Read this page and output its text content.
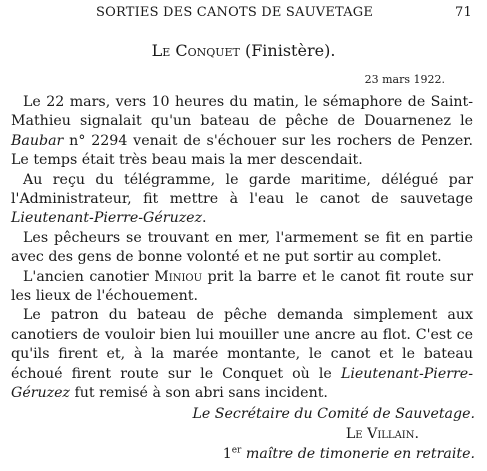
SORTIES DES CANOTS DE SAUVETAGE	71
Le Conquet (Finistère).
23 mars 1922.

Le 22 mars, vers 10 heures du matin, le sémaphore de Saint-Mathieu signalait qu'un bateau de pêche de Douarnenez le Baubar n° 2294 venait de s'échouer sur les rochers de Penzer. Le temps était très beau mais la mer descendait.

Au reçu du télégramme, le garde maritime, délégué par l'Administrateur, fit mettre à l'eau le canot de sauvetage Lieutenant-Pierre-Géruzez.

Les pêcheurs se trouvant en mer, l'armement se fit en partie avec des gens de bonne volonté et ne put sortir au complet.

L'ancien canotier Miniou prit la barre et le canot fit route sur les lieux de l'échouement.

Le patron du bateau de pêche demanda simplement aux canotiers de vouloir bien lui mouiller une ancre au flot. C'est ce qu'ils firent et, à la marée montante, le canot et le bateau échoué firent route sur le Conquet où le Lieutenant-Pierre-Géruzez fut remisé à son abri sans incident.

Le Secrétaire du Comité de Sauvetage.
Le Villain.
1er maître de timonerie en retraite.
